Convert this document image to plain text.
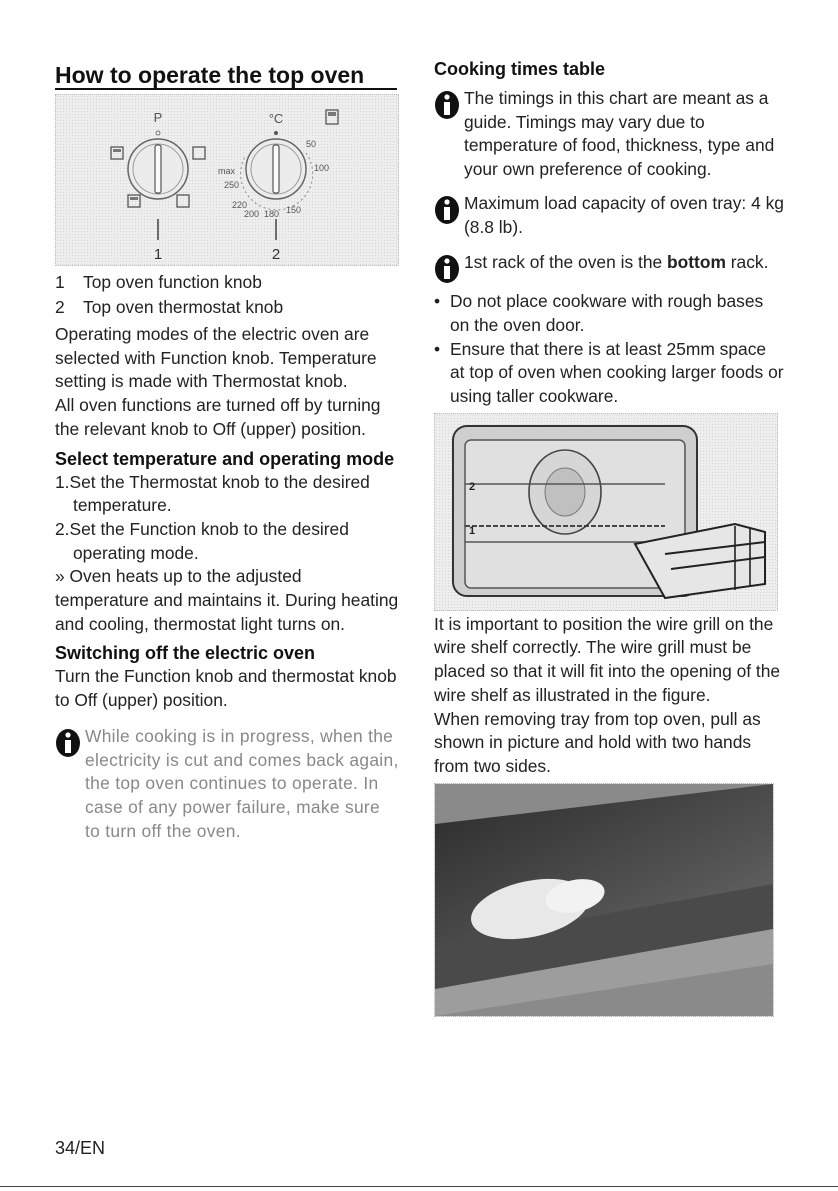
How to operate the top oven
P
1
°C
50
100
150
180
200
220
250
max
2
1	Top oven function knob
2	Top oven thermostat knob

Operating modes of the electric oven are selected with Function knob. Temperature setting is made with Thermostat knob.

All oven functions are turned off by turning the relevant knob to Off (upper) position.

Select temperature and operating mode
1.Set the Thermostat knob to the desired temperature.
2.Set the Function knob to the desired operating mode.

» Oven heats up to the adjusted temperature and maintains it. During heating and cooling, thermostat light turns on.

Switching off the electric oven

Turn the Function knob and thermostat knob to Off (upper) position.

While cooking is in progress, when the electricity is cut and comes back again, the top oven continues to operate. In case of any power failure, make sure to turn off the oven.
Cooking times table
The timings in this chart are meant as a guide. Timings may vary due to temperature of food, thickness, type and your own preference of cooking.
Maximum load capacity of oven tray: 4 kg (8.8 lb).
1st rack of the oven is the bottom rack.
• Do not place cookware with rough bases on the oven door.
• Ensure that there is at least 25mm space at top of oven when cooking larger foods or using taller cookware.
2
1

It is important to position the wire grill on the wire shelf correctly. The wire grill must be placed so that it will fit into the opening of the wire shelf as illustrated in the figure.

When removing tray from top oven, pull as shown in picture and hold with two hands from two sides.

34/EN
